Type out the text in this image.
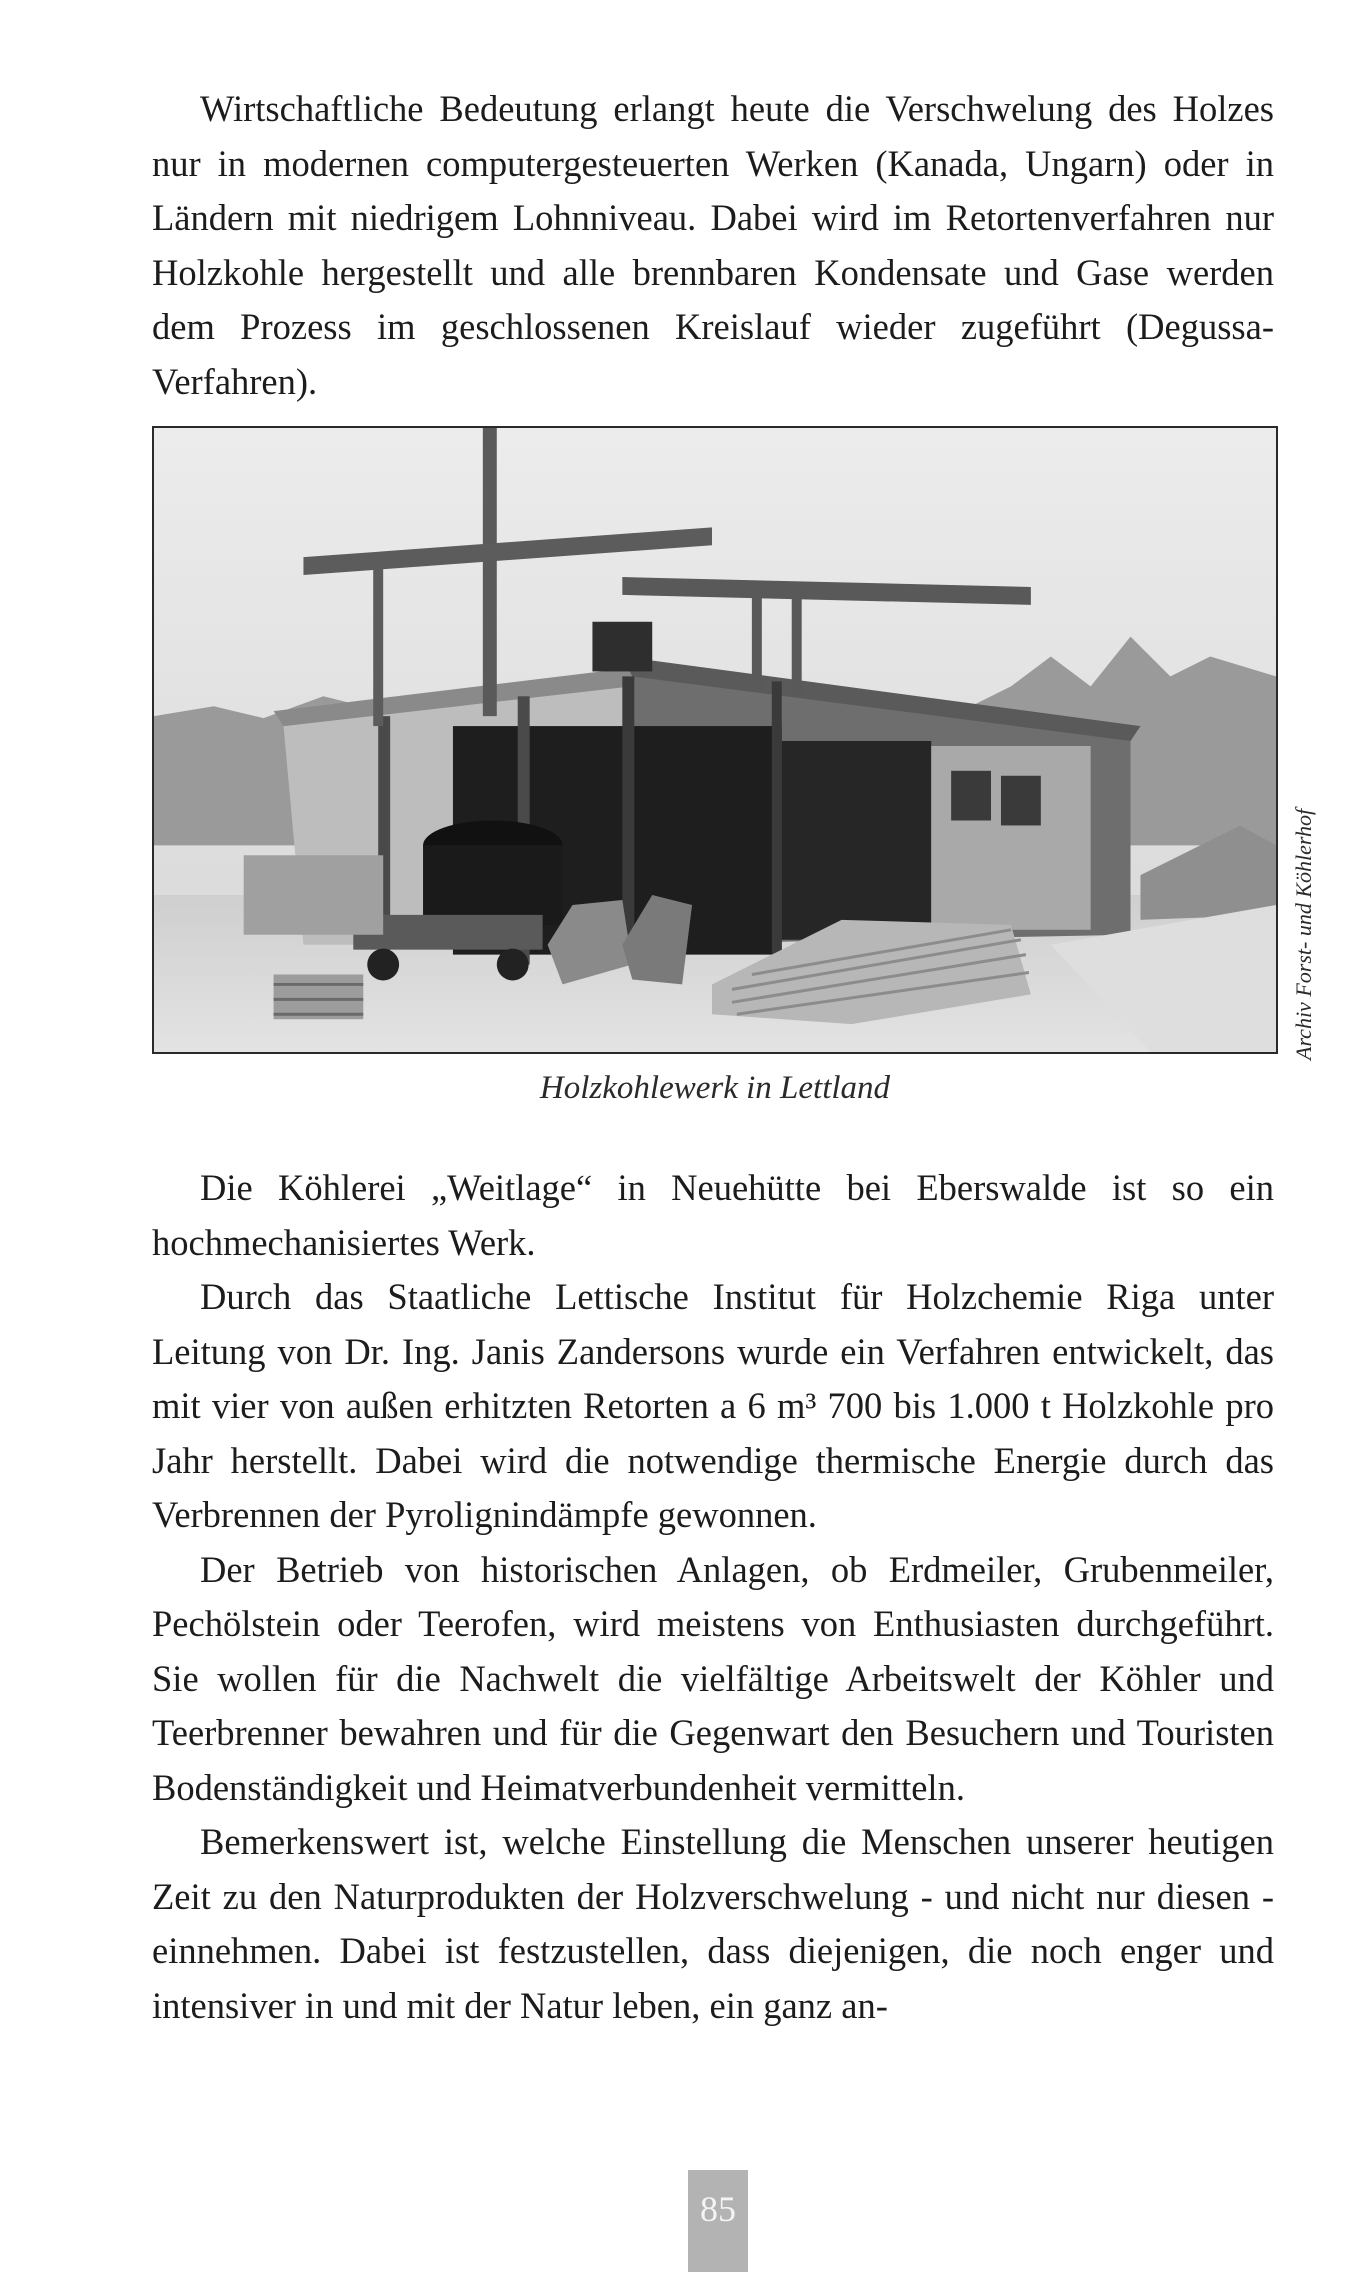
Wirtschaftliche Bedeutung erlangt heute die Verschwelung des Holzes nur in modernen computergesteuerten Werken (Kanada, Ungarn) oder in Ländern mit niedrigem Lohnniveau. Dabei wird im Retortenverfahren nur Holzkohle hergestellt und alle brennbaren Kondensate und Gase werden dem Prozess im geschlossenen Kreislauf wieder zugeführt (Degussa-Verfahren).

Archiv Forst- und Köhlerhof
Holzkohlewerk in Lettland

Die Köhlerei „Weitlage“ in Neuehütte bei Eberswalde ist so ein hochmechanisiertes Werk.

Durch das Staatliche Lettische Institut für Holzchemie Riga unter Leitung von Dr. Ing. Janis Zandersons wurde ein Verfahren entwickelt, das mit vier von außen erhitzten Retorten a 6 m³ 700 bis 1.000 t Holzkohle pro Jahr herstellt. Dabei wird die notwendige thermische Energie durch das Verbrennen der Pyrolignindämpfe gewonnen.

Der Betrieb von historischen Anlagen, ob Erdmeiler, Grubenmeiler, Pechölstein oder Teerofen, wird meistens von Enthusiasten durchgeführt. Sie wollen für die Nachwelt die vielfältige Arbeitswelt der Köhler und Teerbrenner bewahren und für die Gegenwart den Besuchern und Touristen Bodenständigkeit und Heimatverbundenheit vermitteln.

Bemerkenswert ist, welche Einstellung die Menschen unserer heutigen Zeit zu den Naturprodukten der Holzverschwelung - und nicht nur diesen - einnehmen. Dabei ist festzustellen, dass diejenigen, die noch enger und intensiver in und mit der Natur leben, ein ganz an-

85
